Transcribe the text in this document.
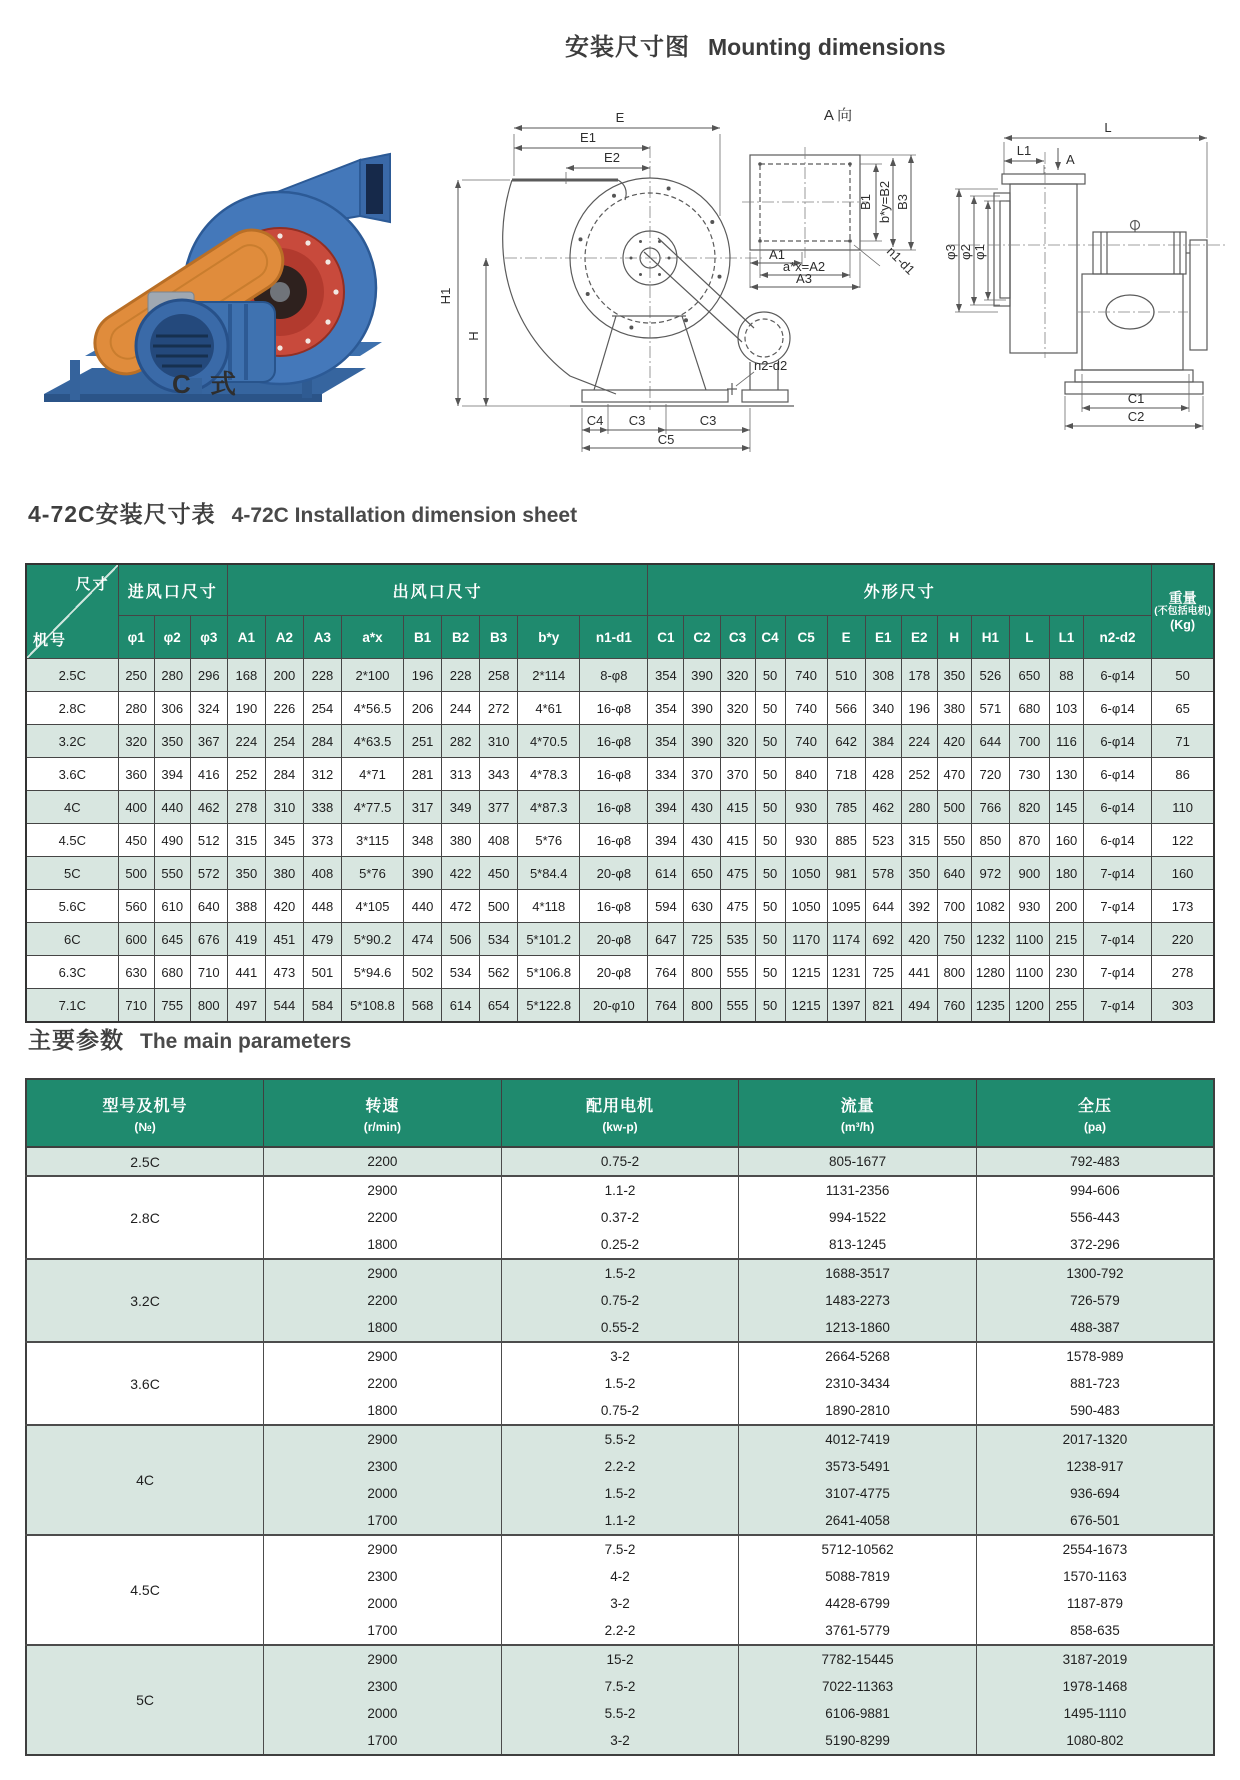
安装尺寸图 Mounting dimensions
C 式
E
E1
E2
H1
H
C4 C3	C3
C5
n2-d2
A 向
B1 b*y=B2 B3
A1
a*x=A2
A3
n1-d1
L
L1
A
φ3 φ2 φ1
C1
C2
4-72C安装尺寸表 4-72C Installation dimension sheet
尺寸
机号
	进风口尺寸	出风口尺寸	外形尺寸	重量
(不包括电机)
(Kg)

	φ1	φ2	φ3	A1	A2	A3	a*x	B1	B2	B3	b*y	n1-d1	C1	C2	C3	C4	C5	E	E1	E2	H	H1	L	L1	n2-d2	
2.5C	250	280	296	168	200	228	2*100	196	228	258	2*114	8-φ8	354	390	320	50	740	510	308	178	350	526	650	88	6-φ14	50
2.8C	280	306	324	190	226	254	4*56.5	206	244	272	4*61	16-φ8	354	390	320	50	740	566	340	196	380	571	680	103	6-φ14	65
3.2C	320	350	367	224	254	284	4*63.5	251	282	310	4*70.5	16-φ8	354	390	320	50	740	642	384	224	420	644	700	116	6-φ14	71
3.6C	360	394	416	252	284	312	4*71	281	313	343	4*78.3	16-φ8	334	370	370	50	840	718	428	252	470	720	730	130	6-φ14	86
4C	400	440	462	278	310	338	4*77.5	317	349	377	4*87.3	16-φ8	394	430	415	50	930	785	462	280	500	766	820	145	6-φ14	110
4.5C	450	490	512	315	345	373	3*115	348	380	408	5*76	16-φ8	394	430	415	50	930	885	523	315	550	850	870	160	6-φ14	122
5C	500	550	572	350	380	408	5*76	390	422	450	5*84.4	20-φ8	614	650	475	50	1050	981	578	350	640	972	900	180	7-φ14	160
5.6C	560	610	640	388	420	448	4*105	440	472	500	4*118	16-φ8	594	630	475	50	1050	1095	644	392	700	1082	930	200	7-φ14	173
6C	600	645	676	419	451	479	5*90.2	474	506	534	5*101.2	20-φ8	647	725	535	50	1170	1174	692	420	750	1232	1100	215	7-φ14	220
6.3C	630	680	710	441	473	501	5*94.6	502	534	562	5*106.8	20-φ8	764	800	555	50	1215	1231	725	441	800	1280	1100	230	7-φ14	278
7.1C	710	755	800	497	544	584	5*108.8	568	614	654	5*122.8	20-φ10	764	800	555	50	1215	1397	821	494	760	1235	1200	255	7-φ14	303
主要参数 The main parameters
型号及机号
(№)

转速
(r/min)

配用电机
(kw-p)

流量
(m³/h)

全压
(pa)

2.5C	2200	0.75-2	805-1677	792-483
2.8C	2900	1.1-2	1131-2356	994-606
	2200	0.37-2	994-1522	556-443
	1800	0.25-2	813-1245	372-296
3.2C	2900	1.5-2	1688-3517	1300-792
	2200	0.75-2	1483-2273	726-579
	1800	0.55-2	1213-1860	488-387
3.6C	2900	3-2	2664-5268	1578-989
	2200	1.5-2	2310-3434	881-723
	1800	0.75-2	1890-2810	590-483
4C	2900	5.5-2	4012-7419	2017-1320
	2300	2.2-2	3573-5491	1238-917
	2000	1.5-2	3107-4775	936-694
	1700	1.1-2	2641-4058	676-501
4.5C	2900	7.5-2	5712-10562	2554-1673
	2300	4-2	5088-7819	1570-1163
	2000	3-2	4428-6799	1187-879
	1700	2.2-2	3761-5779	858-635
5C	2900	15-2	7782-15445	3187-2019
	2300	7.5-2	7022-11363	1978-1468
	2000	5.5-2	6106-9881	1495-1110
	1700	3-2	5190-8299	1080-802
